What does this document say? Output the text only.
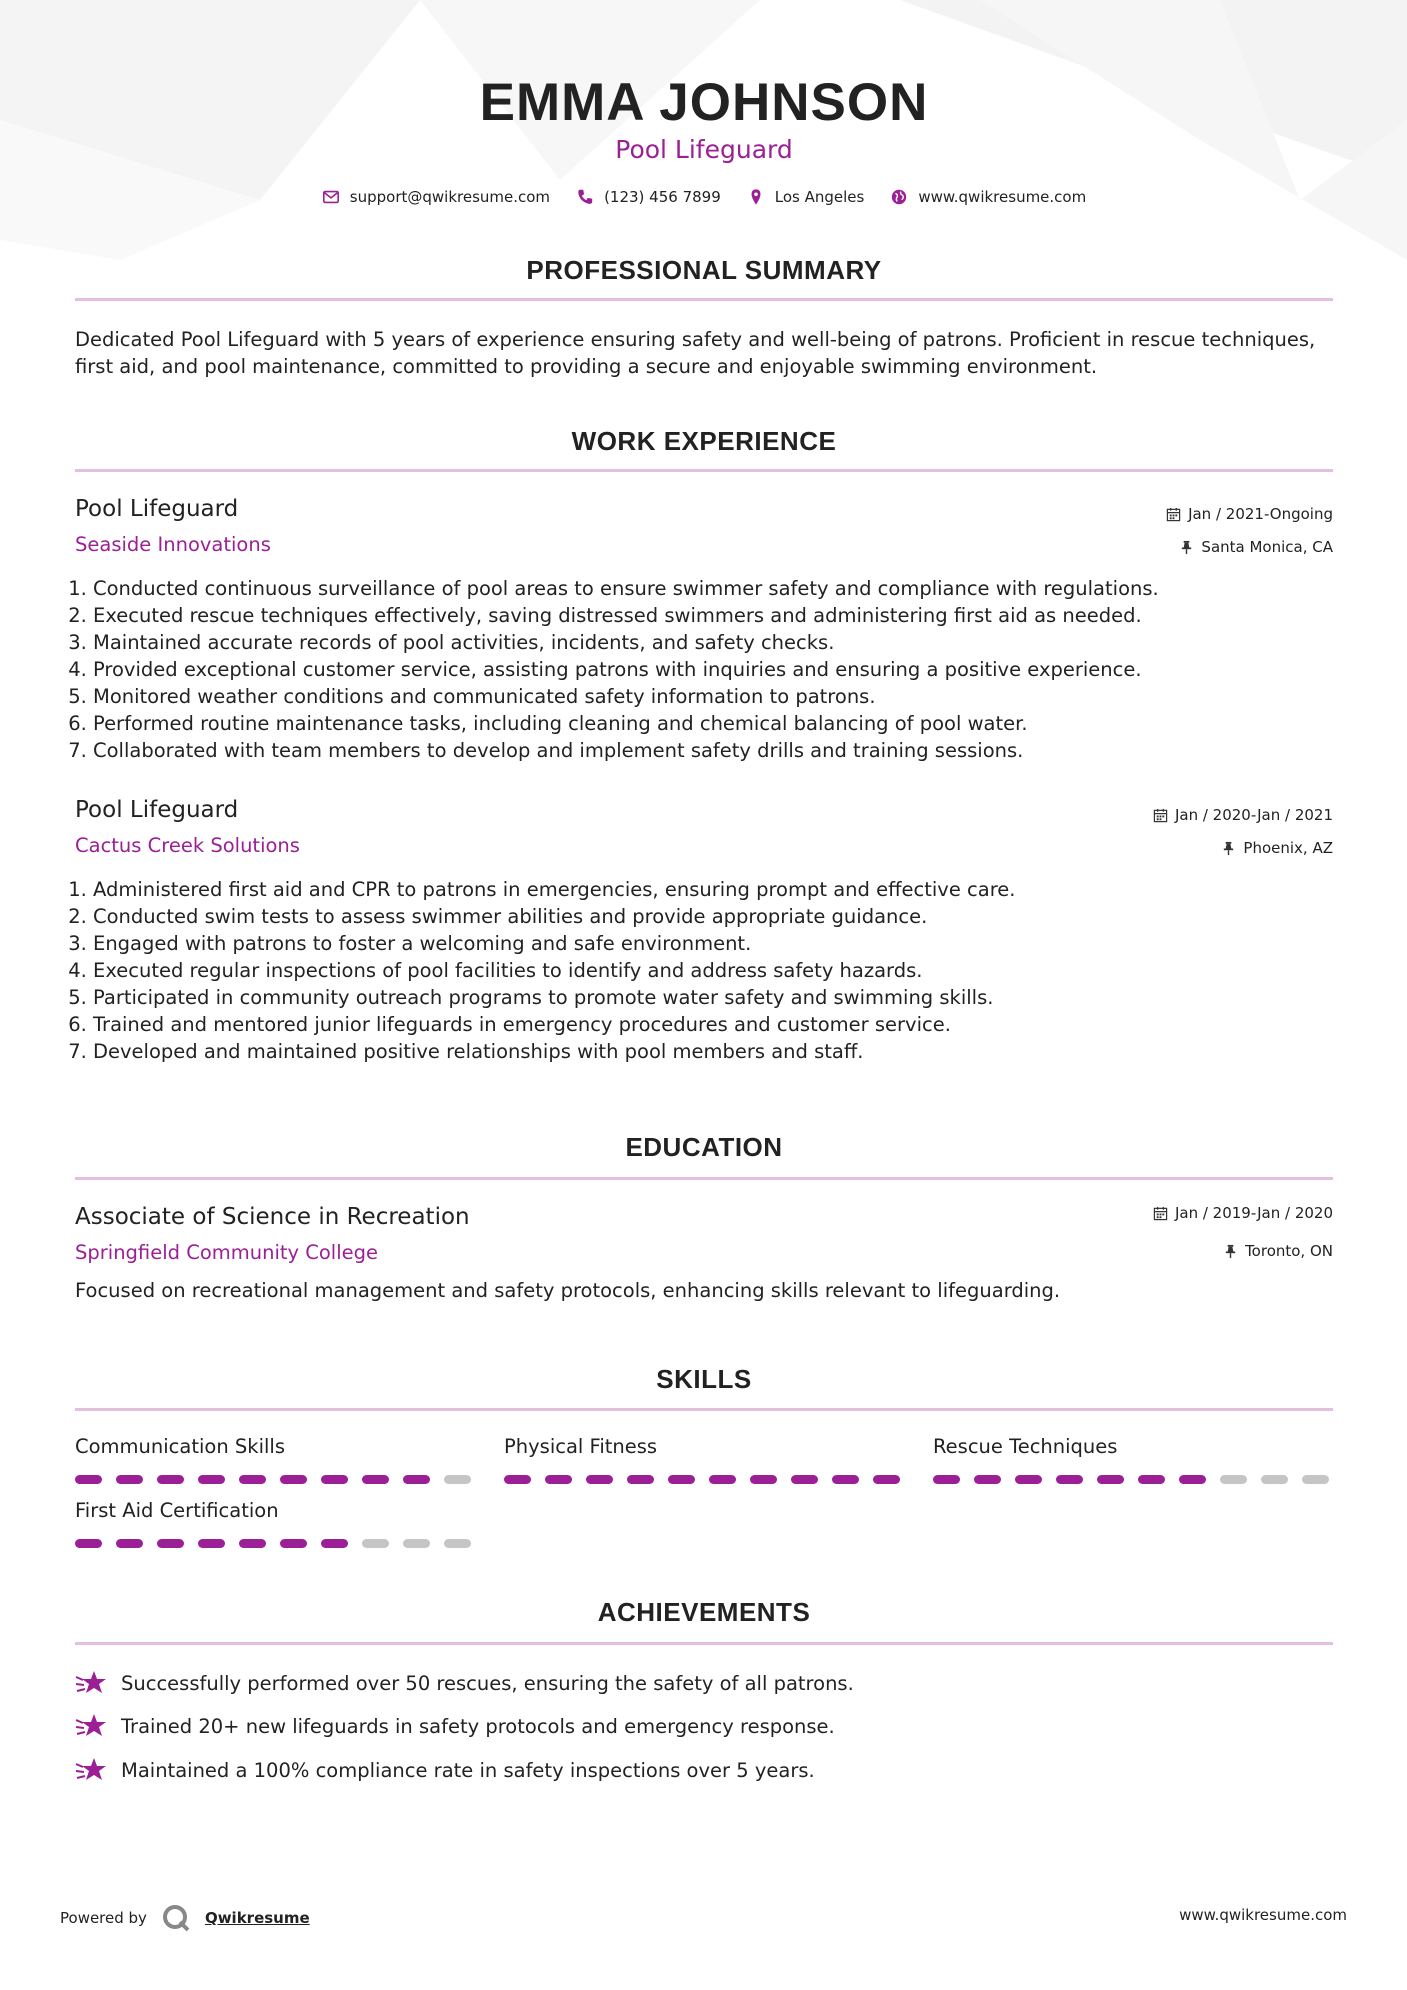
EMMA JOHNSON
Pool Lifeguard
support@qwikresume.com	(123) 456 7899	Los Angeles	www.qwikresume.com
PROFESSIONAL SUMMARY
Dedicated Pool Lifeguard with 5 years of experience ensuring safety and well-being of patrons. Proficient in rescue techniques, first aid, and pool maintenance, committed to providing a secure and enjoyable swimming environment.
WORK EXPERIENCE
Pool Lifeguard
Seaside Innovations
Jan / 2021-Ongoing
Santa Monica, CA
1. Conducted continuous surveillance of pool areas to ensure swimmer safety and compliance with regulations.
2. Executed rescue techniques effectively, saving distressed swimmers and administering first aid as needed.
3. Maintained accurate records of pool activities, incidents, and safety checks.
4. Provided exceptional customer service, assisting patrons with inquiries and ensuring a positive experience.
5. Monitored weather conditions and communicated safety information to patrons.
6. Performed routine maintenance tasks, including cleaning and chemical balancing of pool water.
7. Collaborated with team members to develop and implement safety drills and training sessions.
Pool Lifeguard
Cactus Creek Solutions
Jan / 2020-Jan / 2021
Phoenix, AZ
1. Administered first aid and CPR to patrons in emergencies, ensuring prompt and effective care.
2. Conducted swim tests to assess swimmer abilities and provide appropriate guidance.
3. Engaged with patrons to foster a welcoming and safe environment.
4. Executed regular inspections of pool facilities to identify and address safety hazards.
5. Participated in community outreach programs to promote water safety and swimming skills.
6. Trained and mentored junior lifeguards in emergency procedures and customer service.
7. Developed and maintained positive relationships with pool members and staff.
EDUCATION
Associate of Science in Recreation
Springfield Community College
Jan / 2019-Jan / 2020
Toronto, ON
Focused on recreational management and safety protocols, enhancing skills relevant to lifeguarding.
SKILLS
Communication Skills	Physical Fitness	Rescue Techniques
First Aid Certification
ACHIEVEMENTS
Successfully performed over 50 rescues, ensuring the safety of all patrons.
Trained 20+ new lifeguards in safety protocols and emergency response.
Maintained a 100% compliance rate in safety inspections over 5 years.
Powered by	Qwikresume	www.qwikresume.com
